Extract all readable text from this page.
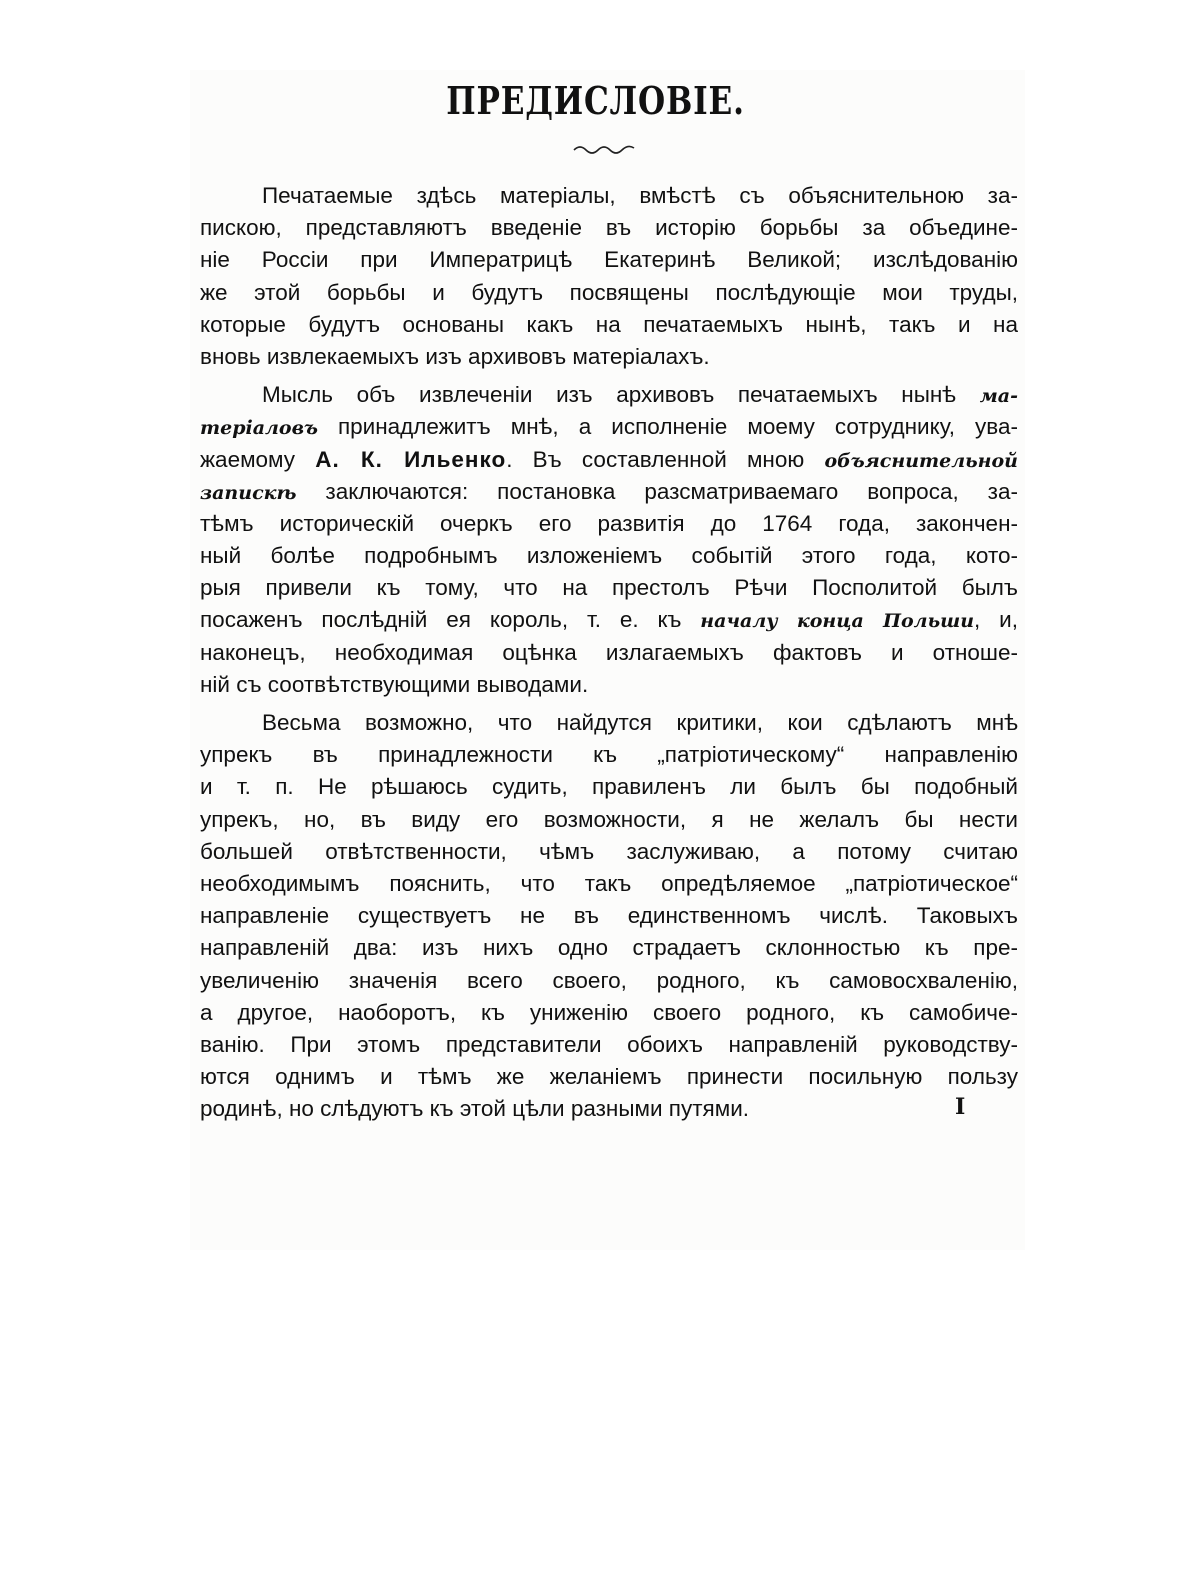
ПРЕДИСЛОВІЕ.

Печатаемые здѣсь матеріалы, вмѣстѣ съ объяснительною за-
пискою, представляютъ введеніе въ исторію борьбы за объедине-
ніе Россіи при Императрицѣ Екатеринѣ Великой; изслѣдованію
же этой борьбы и будутъ посвящены послѣдующіе мои труды,
которые будутъ основаны какъ на печатаемыхъ нынѣ, такъ и на
вновь извлекаемыхъ изъ архивовъ матеріалахъ.

Мысль объ извлеченіи изъ архивовъ печатаемыхъ нынѣ ма-
теріаловъ принадлежитъ мнѣ, а исполненіе моему сотруднику, ува-
жаемому А. К. Ильенко. Въ составленной мною объяснительной
запискѣ заключаются: постановка разсматриваемаго вопроса, за-
тѣмъ историческій очеркъ его развитія до 1764 года, закончен-
ный болѣе подробнымъ изложеніемъ событій этого года, кото-
рыя привели къ тому, что на престолъ Рѣчи Посполитой былъ
посаженъ послѣдній ея король, т. е. къ началу конца Польши, и,
наконецъ, необходимая оцѣнка излагаемыхъ фактовъ и отноше-
ній съ соотвѣтствующими выводами.

Весьма возможно, что найдутся критики, кои сдѣлаютъ мнѣ
упрекъ въ принадлежности къ „патріотическому“ направленію
и т. п. Не рѣшаюсь судить, правиленъ ли былъ бы подобный
упрекъ, но, въ виду его возможности, я не желалъ бы нести
большей отвѣтственности, чѣмъ заслуживаю, а потому считаю
необходимымъ пояснить, что такъ опредѣляемое „патріотическое“
направленіе существуетъ не въ единственномъ числѣ. Таковыхъ
направленій два: изъ нихъ одно страдаетъ склонностью къ пре-
увеличенію значенія всего своего, родного, къ самовосхваленію,
а другое, наоборотъ, къ униженію своего родного, къ самобиче-
ванію. При этомъ представители обоихъ направленій руководству-
ются однимъ и тѣмъ же желаніемъ принести посильную пользу
родинѣ, но слѣдуютъ къ этой цѣли разными путями.	I
